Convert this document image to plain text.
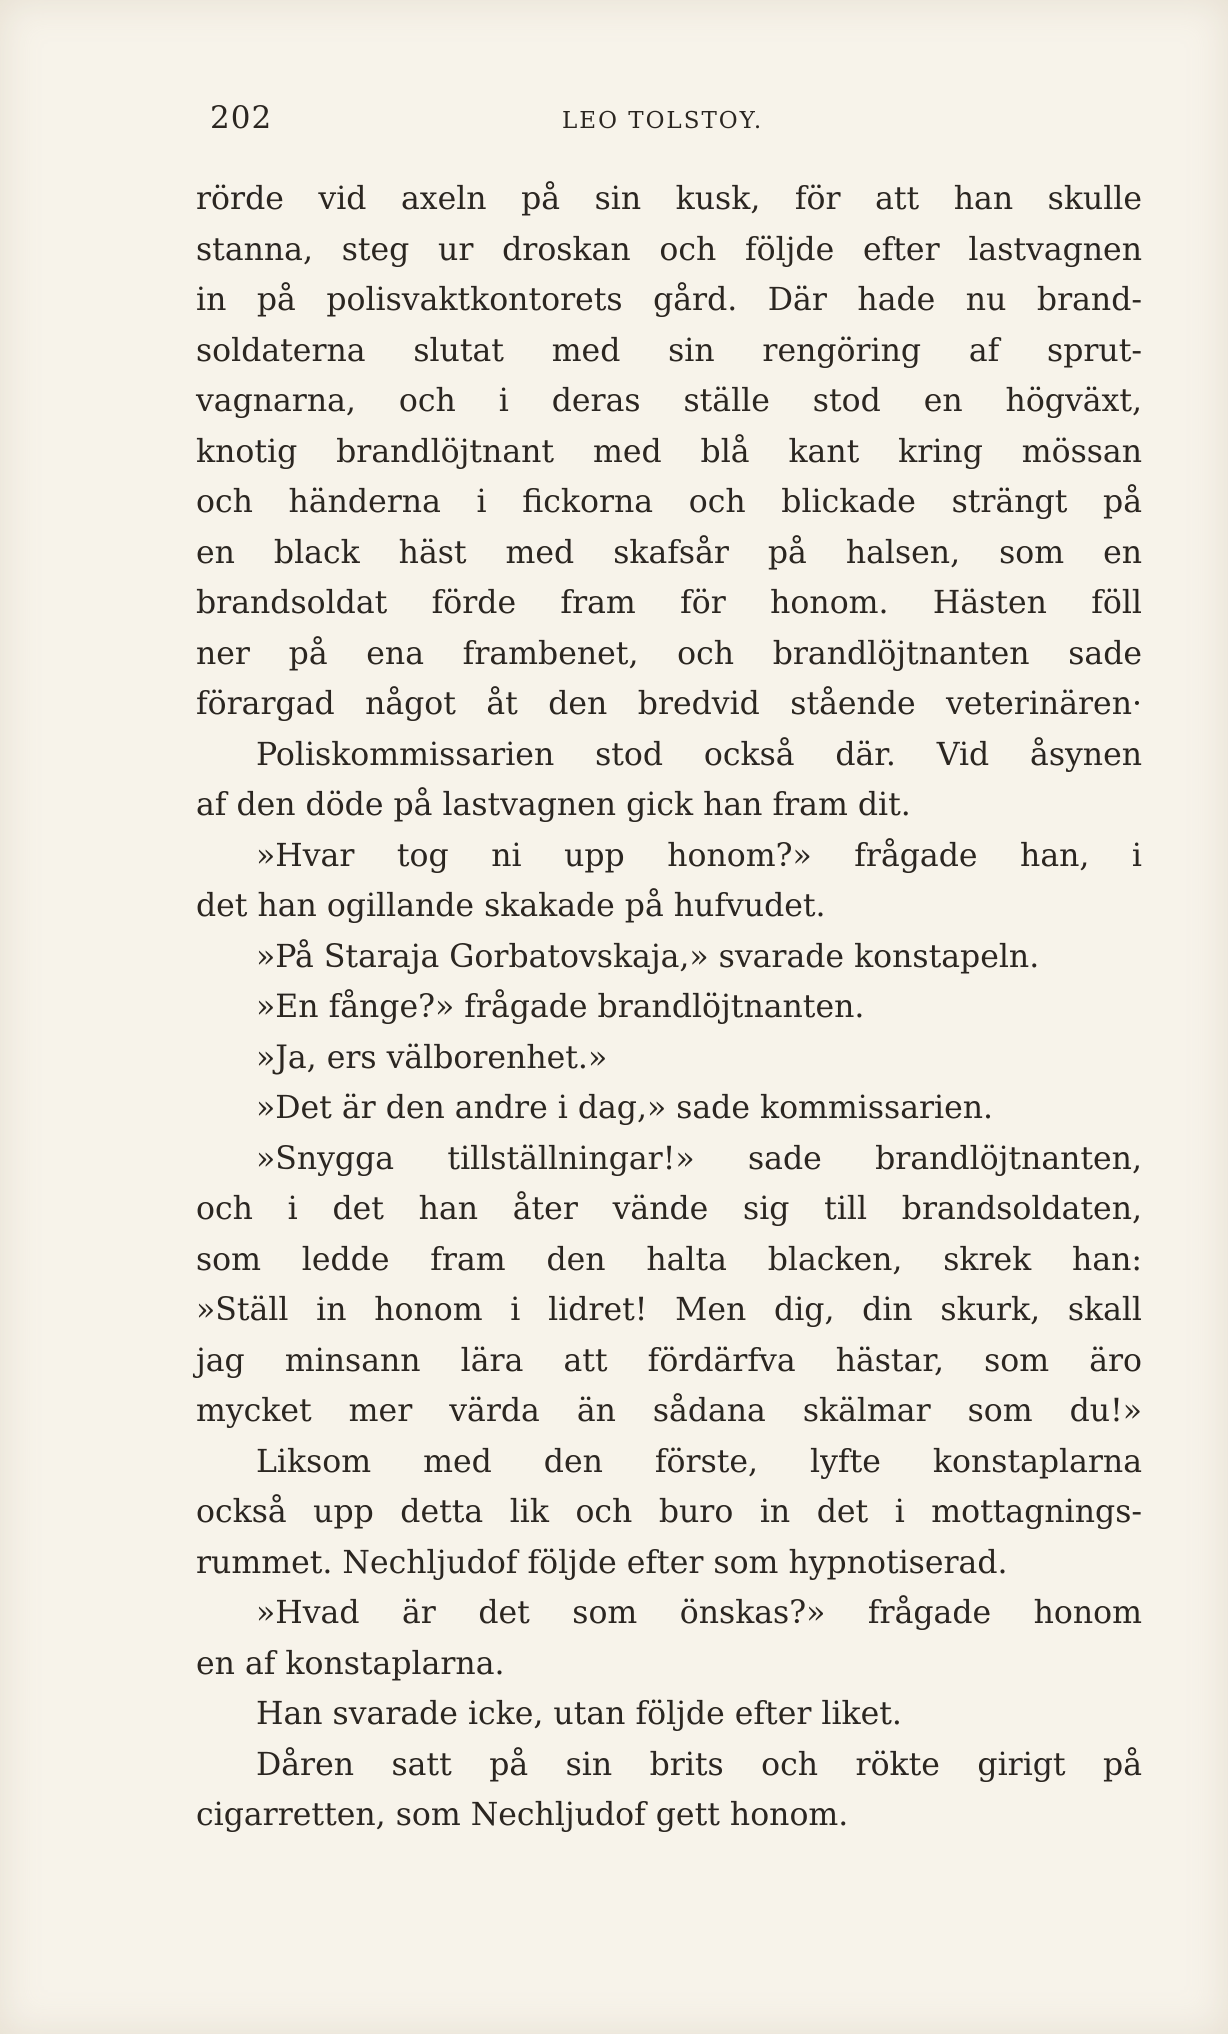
202	LEO TOLSTOY.
rörde vid axeln på sin kusk, för att han skulle
stanna, steg ur droskan och följde efter lastvagnen
in på polisvaktkontorets gård. Där hade nu brand-
soldaterna slutat med sin rengöring af sprut-
vagnarna, och i deras ställe stod en högväxt,
knotig brandlöjtnant med blå kant kring mössan
och händerna i fickorna och blickade strängt på
en black häst med skafsår på halsen, som en
brandsoldat förde fram för honom. Hästen föll
ner på ena frambenet, och brandlöjtnanten sade
förargad något åt den bredvid stående veterinären·
Poliskommissarien stod också där. Vid åsynen
af den döde på lastvagnen gick han fram dit.
»Hvar tog ni upp honom?» frågade han, i
det han ogillande skakade på hufvudet.
»På Staraja Gorbatovskaja,» svarade konstapeln.
»En fånge?» frågade brandlöjtnanten.
»Ja, ers välborenhet.»
»Det är den andre i dag,» sade kommissarien.
»Snygga tillställningar!» sade brandlöjtnanten,
och i det han åter vände sig till brandsoldaten,
som ledde fram den halta blacken, skrek han:
»Ställ in honom i lidret! Men dig, din skurk, skall
jag minsann lära att fördärfva hästar, som äro
mycket mer värda än sådana skälmar som du!»
Liksom med den förste, lyfte konstaplarna
också upp detta lik och buro in det i mottagnings-
rummet. Nechljudof följde efter som hypnotiserad.
»Hvad är det som önskas?» frågade honom
en af konstaplarna.
Han svarade icke, utan följde efter liket.
Dåren satt på sin brits och rökte girigt på
cigarretten, som Nechljudof gett honom.
